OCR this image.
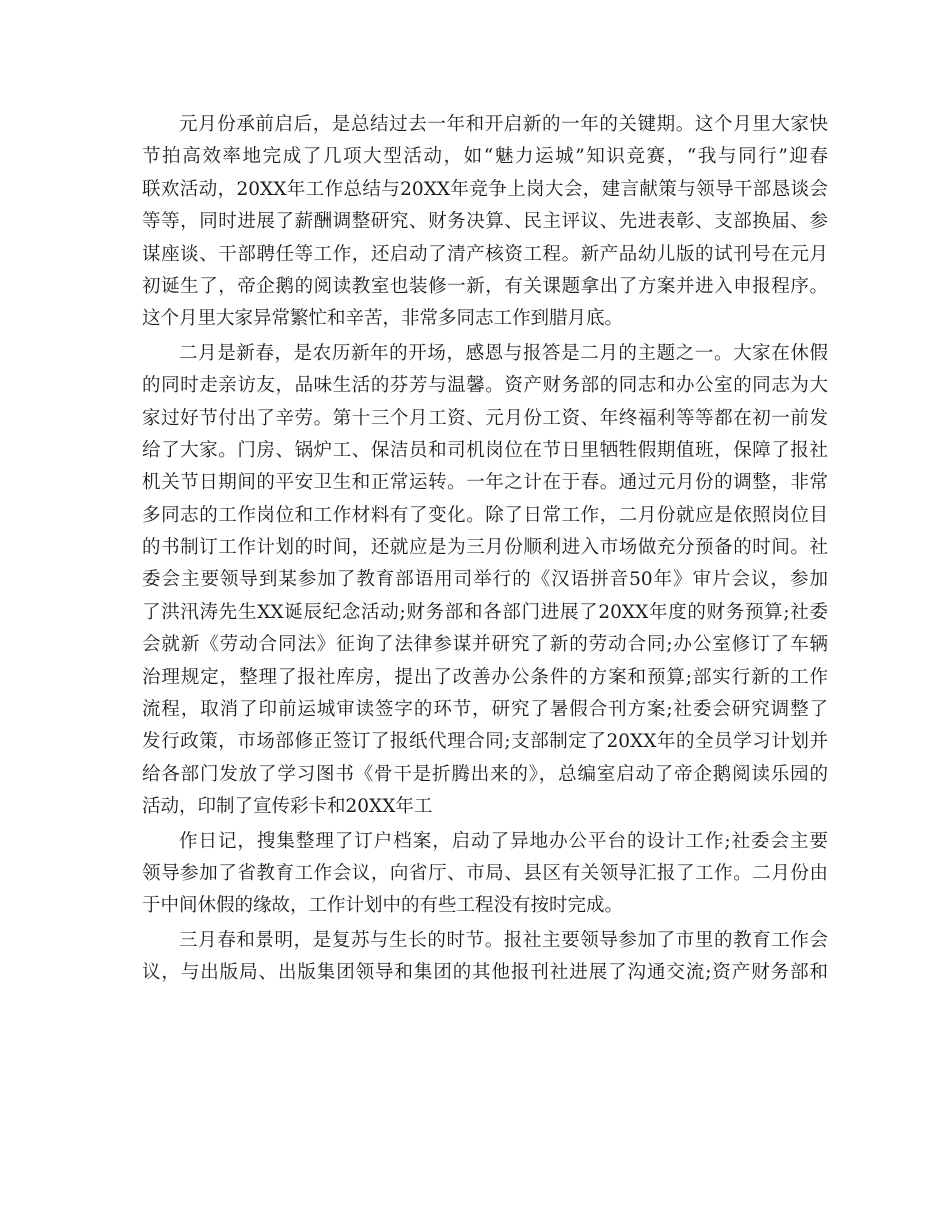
元月份承前启后，是总结过去一年和开启新的一年的关键期。这个月里大家快
节拍高效率地完成了几项大型活动，如“魅力运城”知识竞赛，“我与同行”迎春
联欢活动，20XX年工作总结与20XX年竞争上岗大会，建言献策与领导干部恳谈会
等等，同时进展了薪酬调整研究、财务决算、民主评议、先进表彰、支部换届、参
谋座谈、干部聘任等工作，还启动了清产核资工程。新产品幼儿版的试刊号在元月
初诞生了，帝企鹅的阅读教室也装修一新，有关课题拿出了方案并进入申报程序。
这个月里大家异常繁忙和辛苦，非常多同志工作到腊月底。

二月是新春，是农历新年的开场，感恩与报答是二月的主题之一。大家在休假
的同时走亲访友，品味生活的芬芳与温馨。资产财务部的同志和办公室的同志为大
家过好节付出了辛劳。第十三个月工资、元月份工资、年终福利等等都在初一前发
给了大家。门房、锅炉工、保洁员和司机岗位在节日里牺牲假期值班，保障了报社
机关节日期间的平安卫生和正常运转。一年之计在于春。通过元月份的调整，非常
多同志的工作岗位和工作材料有了变化。除了日常工作，二月份就应是依照岗位目
的书制订工作计划的时间，还就应是为三月份顺利进入市场做充分预备的时间。社
委会主要领导到某参加了教育部语用司举行的《汉语拼音50年》审片会议，参加
了洪汛涛先生XX诞辰纪念活动;财务部和各部门进展了20XX年度的财务预算;社委
会就新《劳动合同法》征询了法律参谋并研究了新的劳动合同;办公室修订了车辆
治理规定，整理了报社库房，提出了改善办公条件的方案和预算;部实行新的工作
流程，取消了印前运城审读签字的环节，研究了暑假合刊方案;社委会研究调整了
发行政策，市场部修正签订了报纸代理合同;支部制定了20XX年的全员学习计划并
给各部门发放了学习图书《骨干是折腾出来的》，总编室启动了帝企鹅阅读乐园的
活动，印制了宣传彩卡和20XX年工

作日记，搜集整理了订户档案，启动了异地办公平台的设计工作;社委会主要
领导参加了省教育工作会议，向省厅、市局、县区有关领导汇报了工作。二月份由
于中间休假的缘故，工作计划中的有些工程没有按时完成。

三月春和景明，是复苏与生长的时节。报社主要领导参加了市里的教育工作会
议，与出版局、出版集团领导和集团的其他报刊社进展了沟通交流;资产财务部和
